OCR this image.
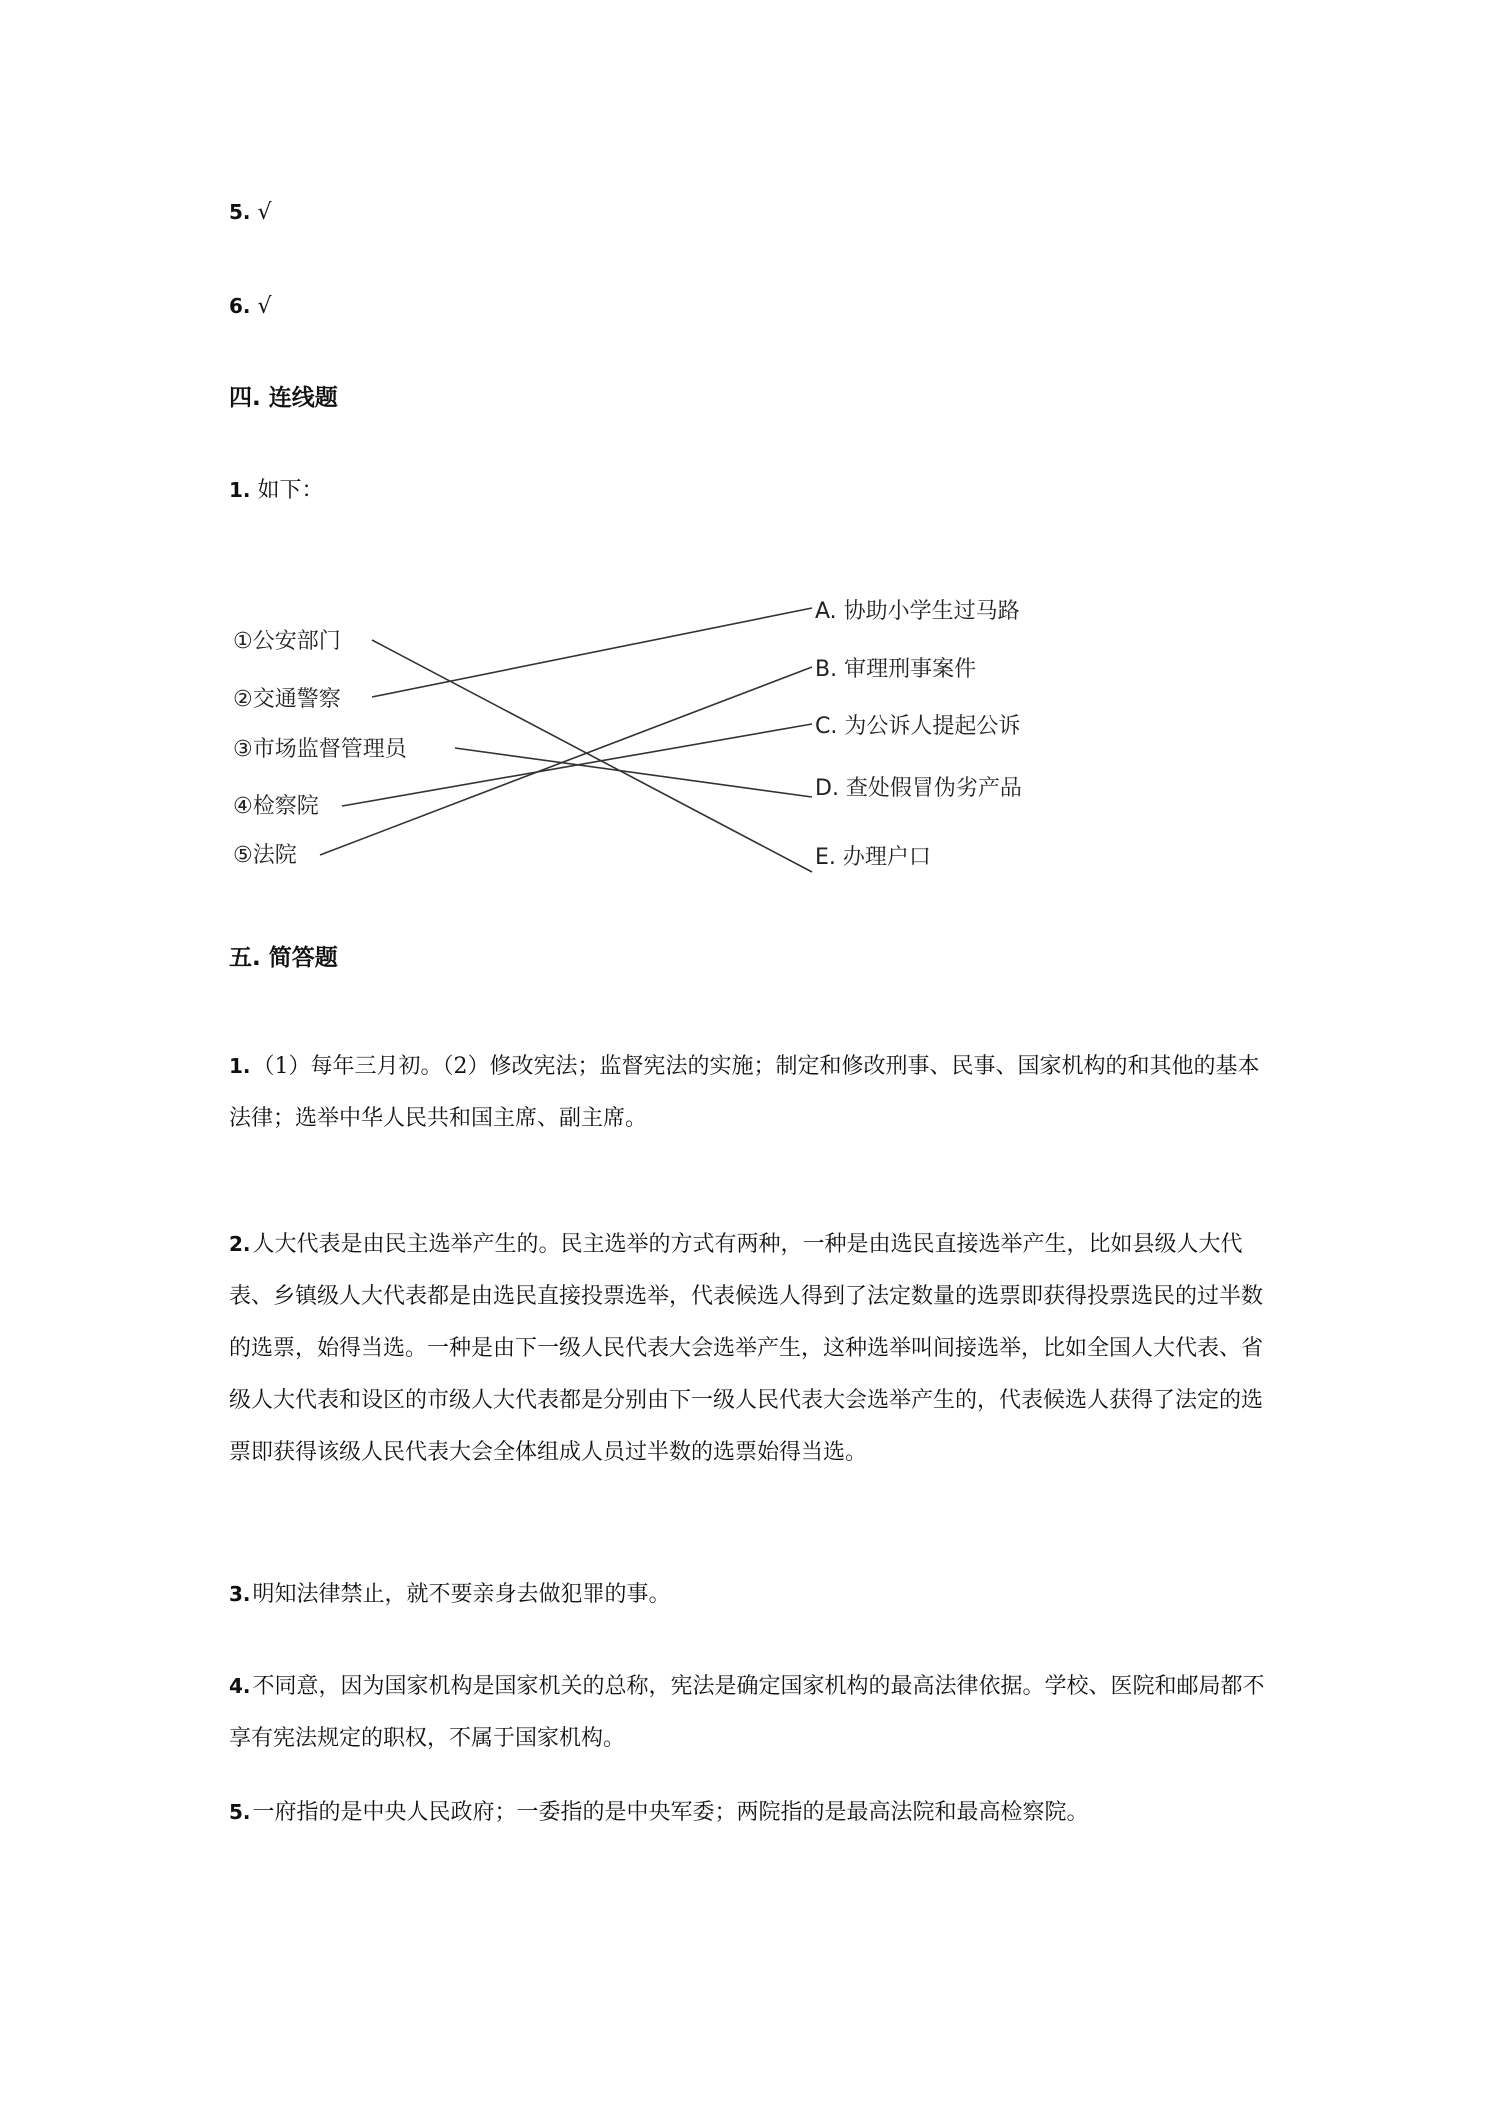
5. √
6. √
四. 连线题
1. 如下：
①公安部门
②交通警察
③市场监督管理员
④检察院
⑤法院
A. 协助小学生过马路
B. 审理刑事案件
C. 为公诉人提起公诉
D. 查处假冒伪劣产品
E. 办理户口
五. 简答题
1.（1）每年三月初。（2）修改宪法；监督宪法的实施；制定和修改刑事、民事、国家机构的和其他的基本法律；选举中华人民共和国主席、副主席。
2.人大代表是由民主选举产生的。民主选举的方式有两种，一种是由选民直接选举产生，比如县级人大代表、乡镇级人大代表都是由选民直接投票选举，代表候选人得到了法定数量的选票即获得投票选民的过半数的选票，始得当选。一种是由下一级人民代表大会选举产生，这种选举叫间接选举，比如全国人大代表、省级人大代表和设区的市级人大代表都是分别由下一级人民代表大会选举产生的，代表候选人获得了法定的选票即获得该级人民代表大会全体组成人员过半数的选票始得当选。
3.明知法律禁止，就不要亲身去做犯罪的事。
4.不同意，因为国家机构是国家机关的总称，宪法是确定国家机构的最高法律依据。学校、医院和邮局都不享有宪法规定的职权，不属于国家机构。
5.一府指的是中央人民政府；一委指的是中央军委；两院指的是最高法院和最高检察院。
